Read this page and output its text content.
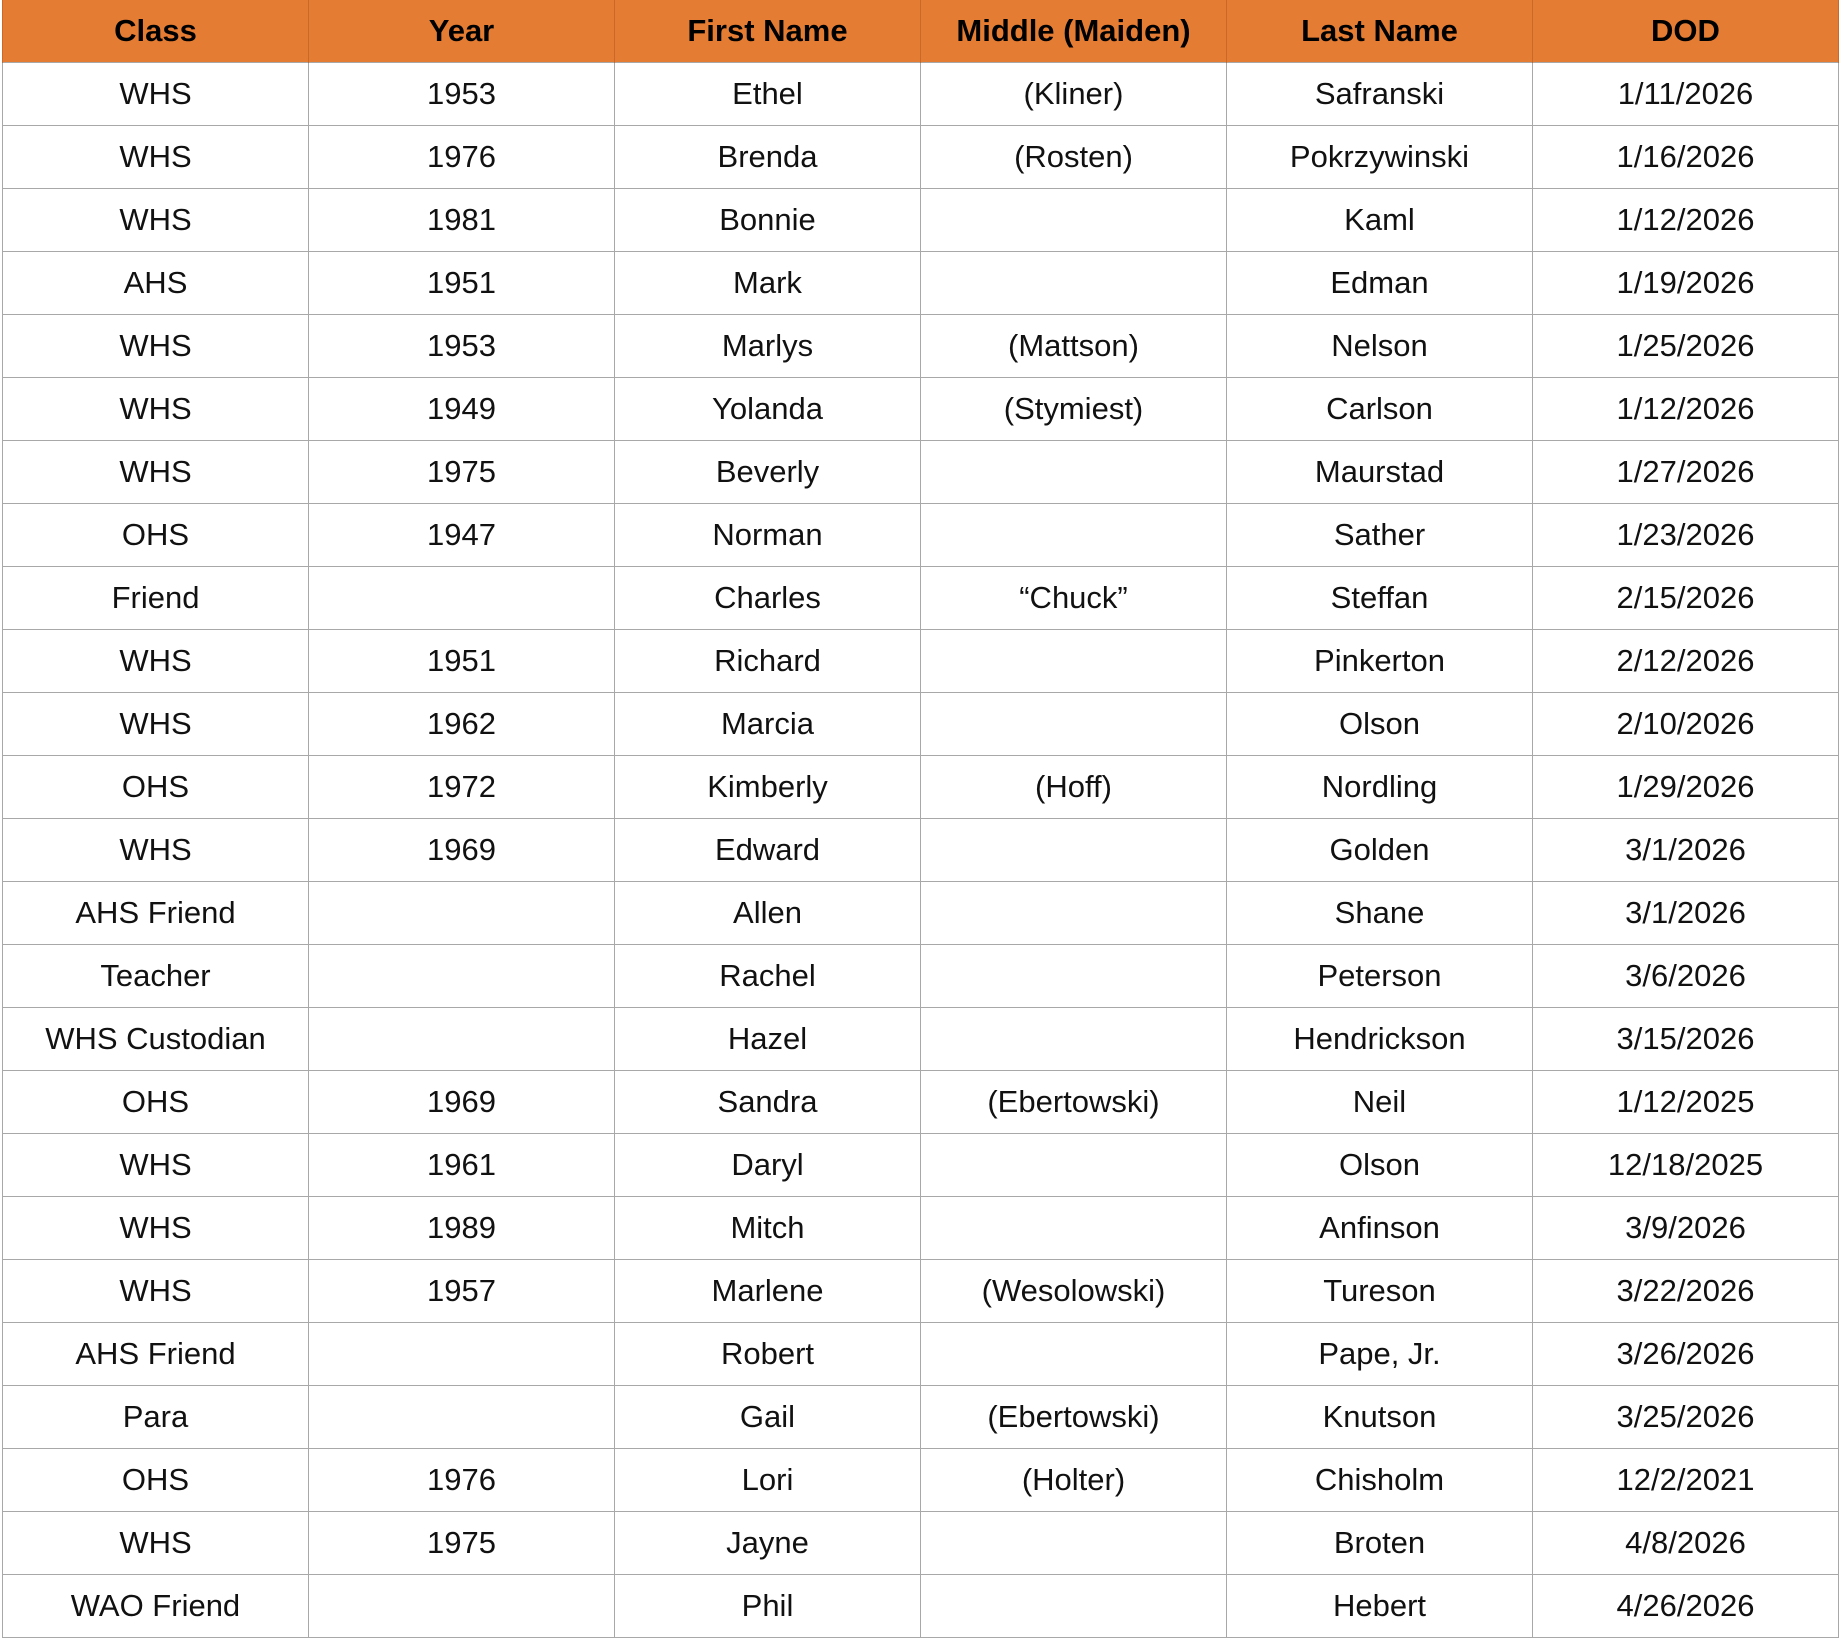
Class	Year	First Name	Middle (Maiden)	Last Name	DOD
WHS	1953	Ethel	(Kliner)	Safranski	1/11/2026
WHS	1976	Brenda	(Rosten)	Pokrzywinski	1/16/2026
WHS	1981	Bonnie		Kaml	1/12/2026
AHS	1951	Mark		Edman	1/19/2026
WHS	1953	Marlys	(Mattson)	Nelson	1/25/2026
WHS	1949	Yolanda	(Stymiest)	Carlson	1/12/2026
WHS	1975	Beverly		Maurstad	1/27/2026
OHS	1947	Norman		Sather	1/23/2026
Friend		Charles	“Chuck”	Steffan	2/15/2026
WHS	1951	Richard		Pinkerton	2/12/2026
WHS	1962	Marcia		Olson	2/10/2026
OHS	1972	Kimberly	(Hoff)	Nordling	1/29/2026
WHS	1969	Edward		Golden	3/1/2026
AHS Friend		Allen		Shane	3/1/2026
Teacher		Rachel		Peterson	3/6/2026
WHS Custodian		Hazel		Hendrickson	3/15/2026
OHS	1969	Sandra	(Ebertowski)	Neil	1/12/2025
WHS	1961	Daryl		Olson	12/18/2025
WHS	1989	Mitch		Anfinson	3/9/2026
WHS	1957	Marlene	(Wesolowski)	Tureson	3/22/2026
AHS Friend		Robert		Pape, Jr.	3/26/2026
Para		Gail	(Ebertowski)	Knutson	3/25/2026
OHS	1976	Lori	(Holter)	Chisholm	12/2/2021
WHS	1975	Jayne		Broten	4/8/2026
WAO Friend		Phil		Hebert	4/26/2026
